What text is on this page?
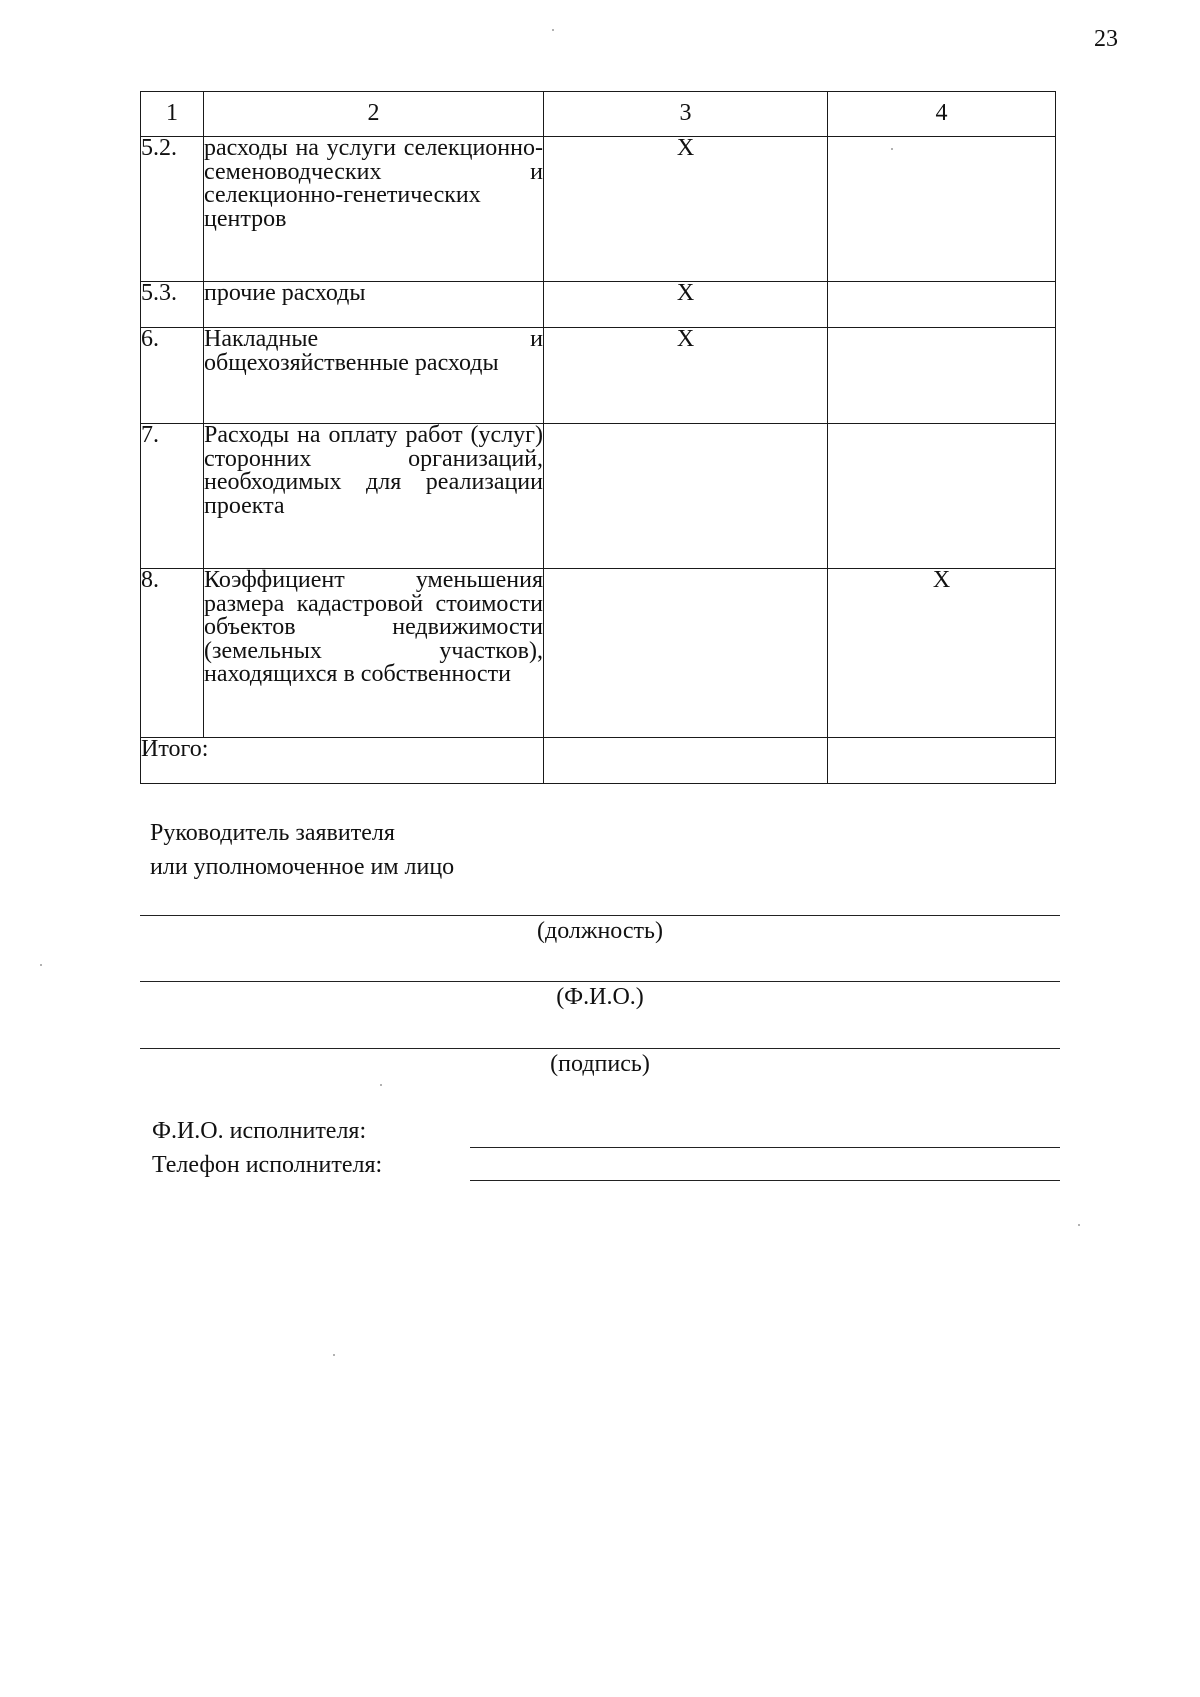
23
1	2	3	4
5.2.	расходы на услуги селекционно-семеноводческих и селекционно-генетических центров	X	
5.3.	прочие расходы	X	
6.	Накладные и общехозяйственные расходы	X	
7.	Расходы на оплату работ (услуг) сторонних организаций, необходимых для реализации проекта		
8.	Коэффициент уменьшения размера кадастровой стоимости объектов недвижимости (земельных участков), находящихся в собственности		X
Итого:			
Руководитель заявителя
или уполномоченное им лицо
(должность)
(Ф.И.О.)
(подпись)
Ф.И.О. исполнителя:
Телефон исполнителя:
